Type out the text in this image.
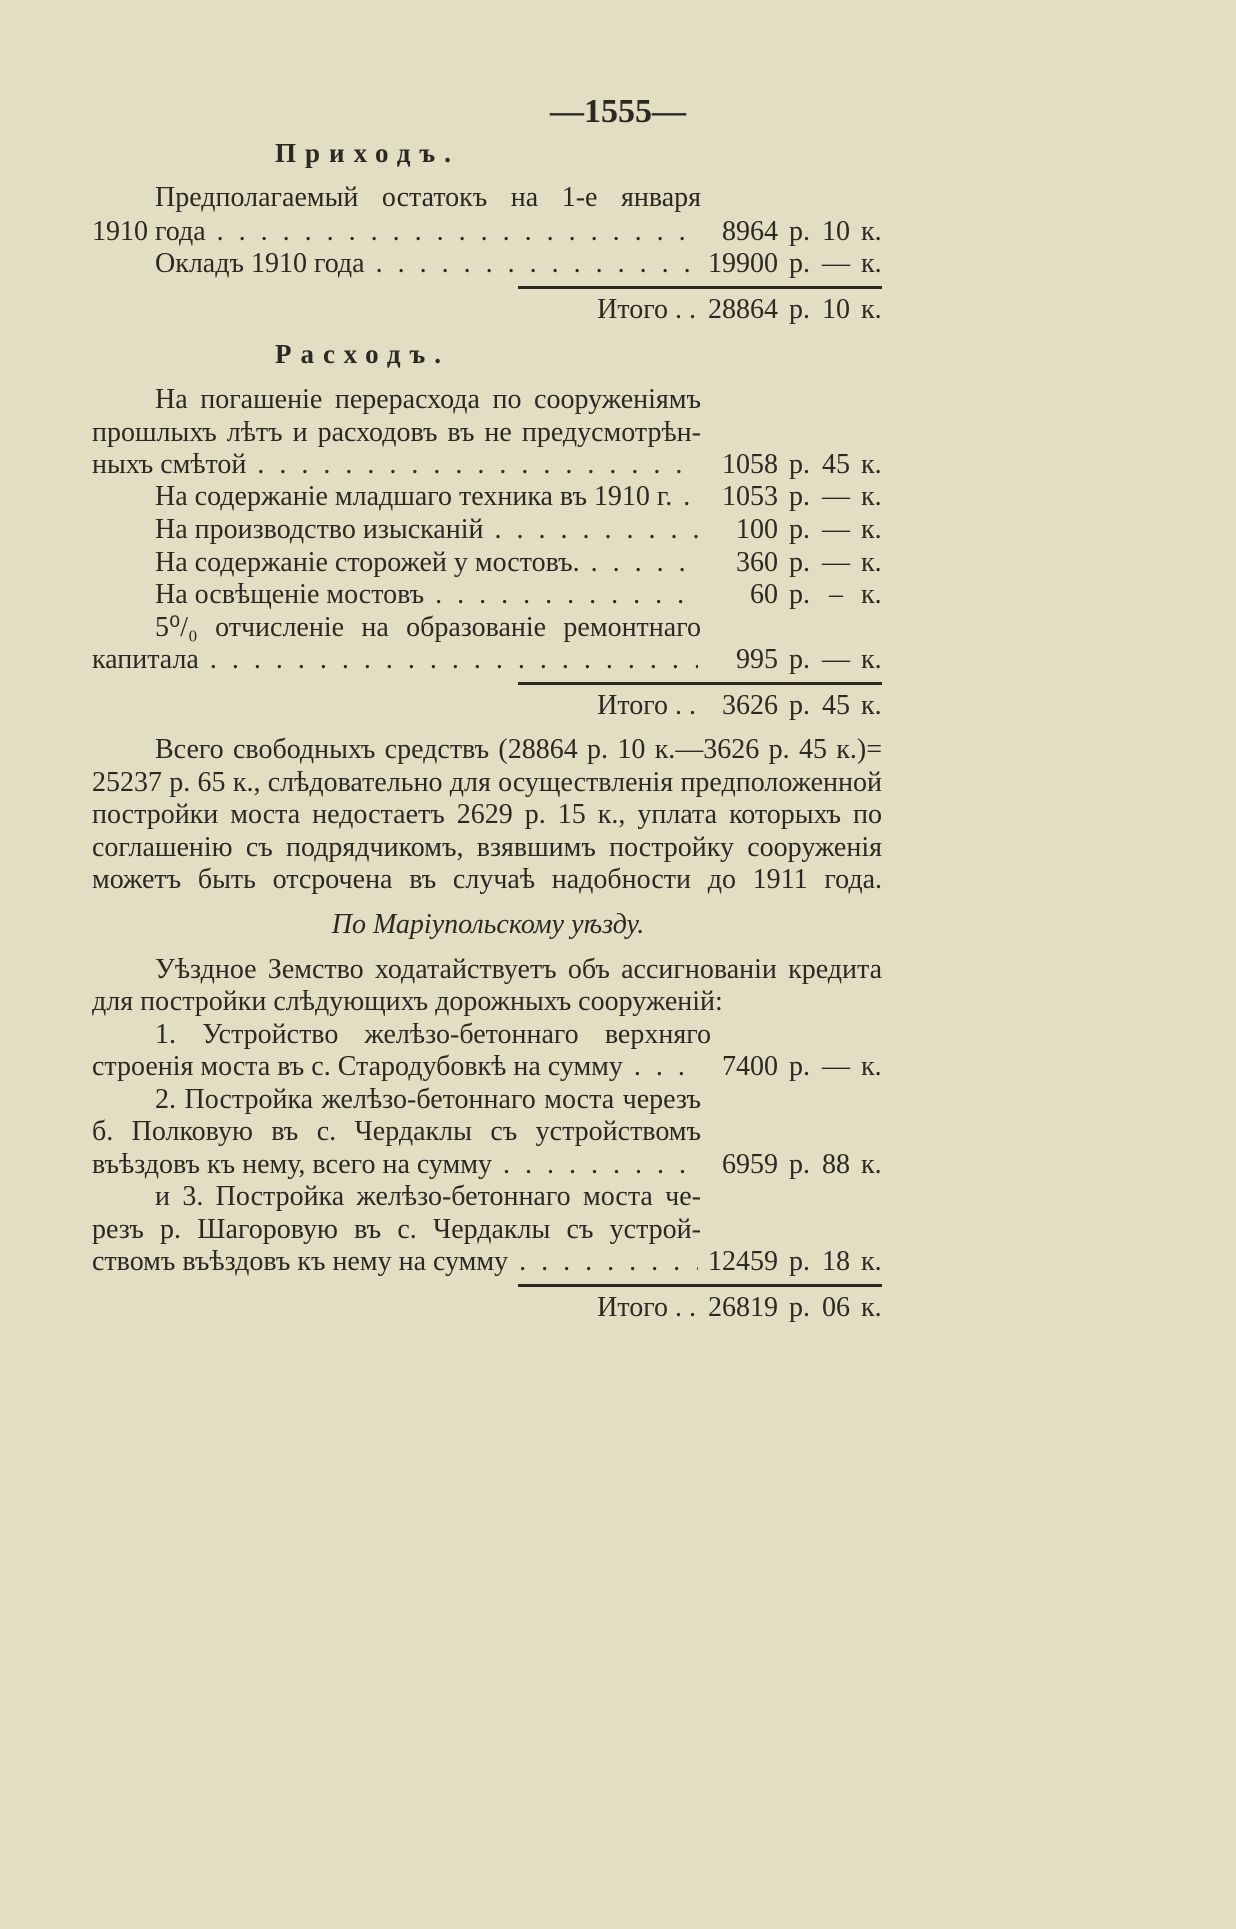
—1555—
Приходъ.
Предполагаемый остатокъ на 1-е января
1910 года . . .	8964 р. 10 к.
Окладъ 1910 года . . .	19900 р. — к.
Итого . . 28864 р. 10 к.
Расходъ.
На погашеніе перерасхода по сооруженіямъ
прошлыхъ лѣтъ и расходовъ въ не предусмотрѣн-
ныхъ смѣтой . . .	1058 р. 45 к.
На содержаніе младшаго техника въ 1910 г. . . .	1053 р. — к.
На производство изысканій . . .	100 р. — к.
На содержаніе сторожей у мостовъ. . . .	360 р. — к.
На освѣщеніе мостовъ . . .	60 р. – к.
5⁰/₀ отчисленіе на образованіе ремонтнаго
капитала . . .	995 р. — к.
Итого . . 3626 р. 45 к.
Всего свободныхъ средствъ (28864 р. 10 к.—3626 р. 45 к.)=
25237 р. 65 к., слѣдовательно для осуществленія предположенной
постройки моста недостаетъ 2629 р. 15 к., уплата которыхъ по
соглашенію съ подрядчикомъ, взявшимъ постройку сооруженія
можетъ быть отсрочена въ случаѣ надобности до 1911 года.
По Маріупольскому уѣзду.
Уѣздное Земство ходатайствуетъ объ ассигнованіи кредита
для постройки слѣдующихъ дорожныхъ сооруженій:
1. Устройство желѣзо-бетоннаго верхняго
строенія моста въ с. Стародубовкѣ на сумму . . .	7400 р. — к.
2. Постройка желѣзо-бетоннаго моста черезъ
б. Полковую въ с. Чердаклы съ устройствомъ
въѣздовъ къ нему, всего на сумму . . .	6959 р. 88 к.
и 3. Постройка желѣзо-бетоннаго моста че-
резъ р. Шагоровую въ с. Чердаклы съ устрой-
ствомъ въѣздовъ къ нему на сумму . . .	12459 р. 18 к.
Итого . . 26819 р. 06 к.
